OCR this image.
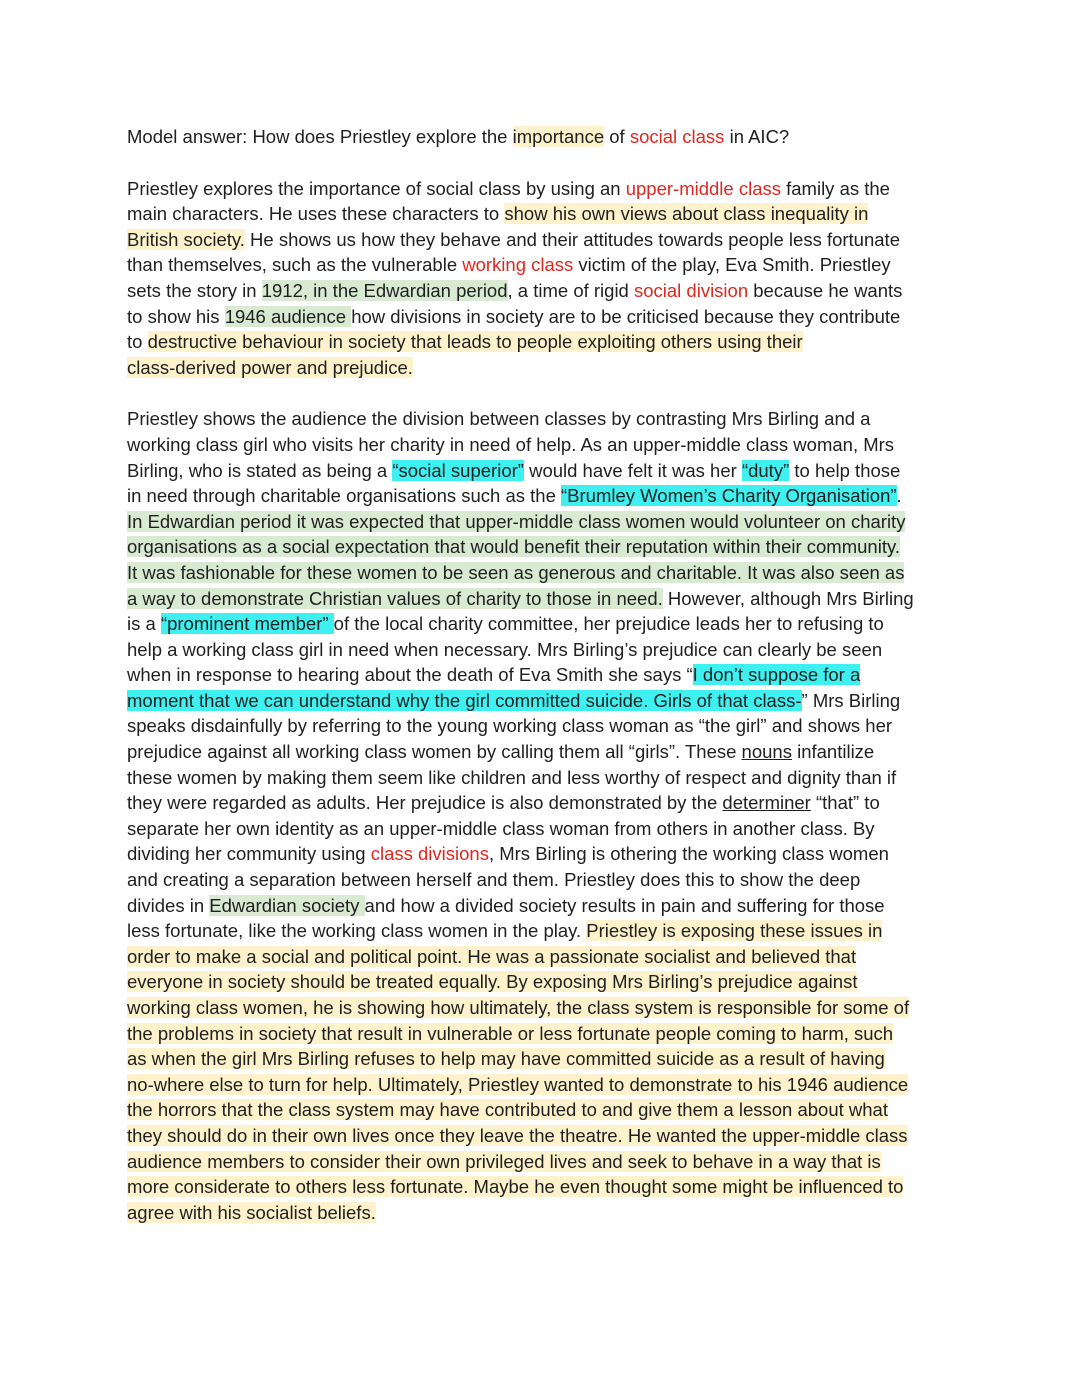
Model answer: How does Priestley explore the importance of social class in AIC?
Priestley explores the importance of social class by using an upper-middle class family as the
main characters. He uses these characters to show his own views about class inequality in
British society. He shows us how they behave and their attitudes towards people less fortunate
than themselves, such as the vulnerable working class victim of the play, Eva Smith. Priestley
sets the story in 1912, in the Edwardian period, a time of rigid social division because he wants
to show his 1946 audience how divisions in society are to be criticised because they contribute
to destructive behaviour in society that leads to people exploiting others using their
class-derived power and prejudice.
Priestley shows the audience the division between classes by contrasting Mrs Birling and a
working class girl who visits her charity in need of help. As an upper-middle class woman, Mrs
Birling, who is stated as being a “social superior” would have felt it was her “duty” to help those
in need through charitable organisations such as the “Brumley Women’s Charity Organisation”.
In Edwardian period it was expected that upper-middle class women would volunteer on charity
organisations as a social expectation that would benefit their reputation within their community.
It was fashionable for these women to be seen as generous and charitable. It was also seen as
a way to demonstrate Christian values of charity to those in need. However, although Mrs Birling
is a “prominent member” of the local charity committee, her prejudice leads her to refusing to
help a working class girl in need when necessary. Mrs Birling’s prejudice can clearly be seen
when in response to hearing about the death of Eva Smith she says “I don’t suppose for a
moment that we can understand why the girl committed suicide. Girls of that class-” Mrs Birling
speaks disdainfully by referring to the young working class woman as “the girl” and shows her
prejudice against all working class women by calling them all “girls”. These nouns infantilize
these women by making them seem like children and less worthy of respect and dignity than if
they were regarded as adults. Her prejudice is also demonstrated by the determiner “that” to
separate her own identity as an upper-middle class woman from others in another class. By
dividing her community using class divisions, Mrs Birling is othering the working class women
and creating a separation between herself and them. Priestley does this to show the deep
divides in Edwardian society and how a divided society results in pain and suffering for those
less fortunate, like the working class women in the play. Priestley is exposing these issues in
order to make a social and political point. He was a passionate socialist and believed that
everyone in society should be treated equally. By exposing Mrs Birling’s prejudice against
working class women, he is showing how ultimately, the class system is responsible for some of
the problems in society that result in vulnerable or less fortunate people coming to harm, such
as when the girl Mrs Birling refuses to help may have committed suicide as a result of having
no-where else to turn for help. Ultimately, Priestley wanted to demonstrate to his 1946 audience
the horrors that the class system may have contributed to and give them a lesson about what
they should do in their own lives once they leave the theatre. He wanted the upper-middle class
audience members to consider their own privileged lives and seek to behave in a way that is
more considerate to others less fortunate. Maybe he even thought some might be influenced to
agree with his socialist beliefs.
